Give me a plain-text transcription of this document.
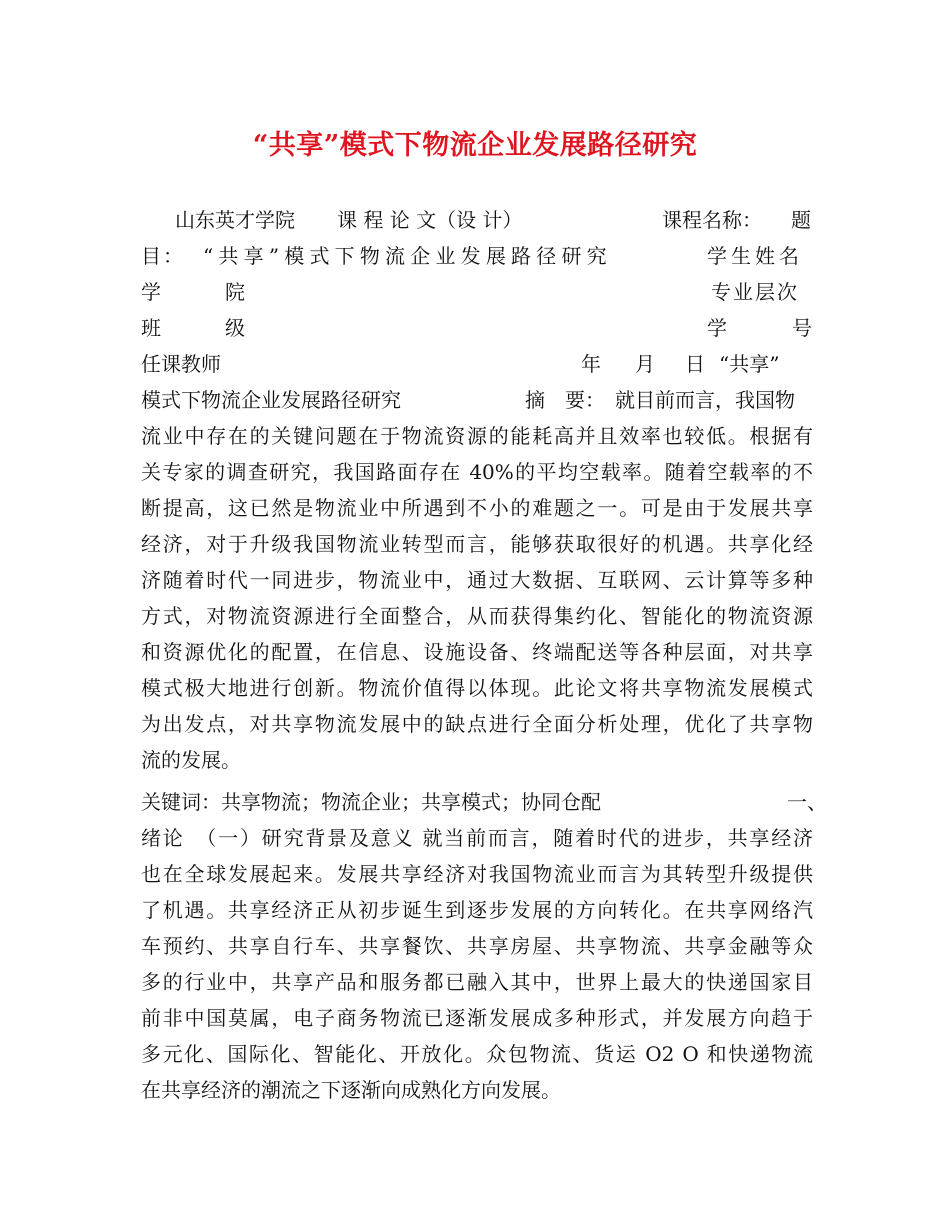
“共享”模式下物流企业发展路径研究
山东英才学院 课 程 论 文（设 计）	课程名称： 题
目： “共享”模式下物流企业发展路径研究	学生姓名
学	院	专业层次
班	级	学	号
任课教师	年 月 日 “共享”
模式下物流企业发展路径研究	摘　要： 就目前而言，我国物
流业中存在的关键问题在于物流资源的能耗高并且效率也较低。根据有
关专家的调查研究，我国路面存在 40%的平均空载率。随着空载率的不
断提高，这已然是物流业中所遇到不小的难题之一。可是由于发展共享
经济，对于升级我国物流业转型而言，能够获取很好的机遇。共享化经
济随着时代一同进步，物流业中，通过大数据、互联网、云计算等多种
方式，对物流资源进行全面整合，从而获得集约化、智能化的物流资源
和资源优化的配置，在信息、设施设备、终端配送等各种层面，对共享
模式极大地进行创新。物流价值得以体现。此论文将共享物流发展模式
为出发点，对共享物流发展中的缺点进行全面分析处理，优化了共享物
流的发展。
关键词：共享物流；物流企业；共享模式；协同仓配	一、
绪论　（一）研究背景及意义 就当前而言，随着时代的进步，共享经济
也在全球发展起来。发展共享经济对我国物流业而言为其转型升级提供
了机遇。共享经济正从初步诞生到逐步发展的方向转化。在共享网络汽
车预约、共享自行车、共享餐饮、共享房屋、共享物流、共享金融等众
多的行业中，共享产品和服务都已融入其中，世界上最大的快递国家目
前非中国莫属，电子商务物流已逐渐发展成多种形式，并发展方向趋于
多元化、国际化、智能化、开放化。众包物流、货运 O2 O 和快递物流
在共享经济的潮流之下逐渐向成熟化方向发展。
